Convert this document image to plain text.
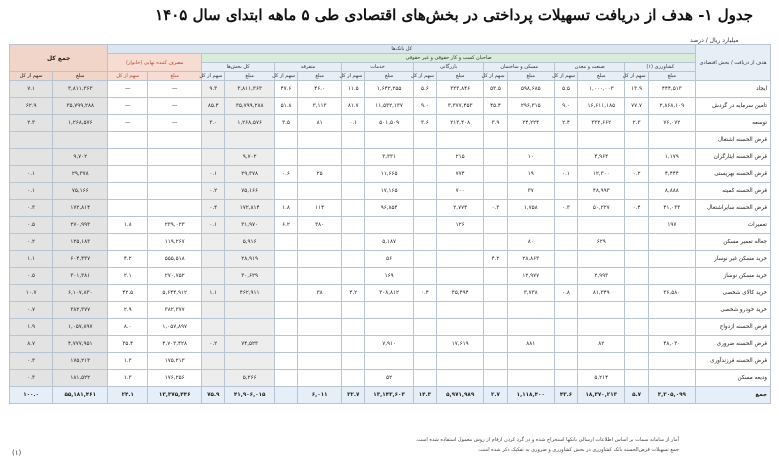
جدول ۱- هدف از دریافت تسهیلات پرداختی در بخش‌های اقتصادی طی ۵ ماهه ابتدای سال ۱۴۰۵
میلیارد ریال / درصد
هدف از دریافت / بخش اقتصادی	کل بانک‌ها																جمع کل	
	صاحبان کسب و کار حقوقی و غیر حقوقی														مصرف کننده نهایی (خانوار)			
	کشاورزی (۱)		صنعت و معدن		مسکن و ساختمان		بازرگانی		خدمات		متفرقه		کل بخش‌ها					
	مبلغ	سهم از کل	مبلغ	سهم از کل	مبلغ	سهم از کل	مبلغ	سهم از کل	مبلغ	سهم از کل	مبلغ	سهم از کل	مبلغ	سهم از کل	مبلغ	سهم از کل	مبلغ	سهم از کل
ایجاد	۴۴۴,۵۱۳	۱۳.۹	۱,۰۰۰,۰۰۳	۵.۵	۵۹۸,۶۸۵	۵۳.۵	۳۲۳,۸۴۶	۵.۶	۱,۶۴۲,۲۵۵	۱۱.۵	۴۶.۰	۴۷.۶	۳,۸۱۱,۳۶۳	۹.۳	—	—	۳,۸۱۱,۳۶۳	۷.۱
تامین سرمایه در گردش	۲,۸۶۸,۱۰۹	۷۷.۷	۱۶,۶۱۱,۱۸۵	۹.۰	۲۹۶,۳۱۵	۴۵.۴	۳,۳۷۷,۴۵۳	۹.۰	۱۱,۵۳۲,۱۳۷	۸۱.۷	۳,۱۱۳	۵۱.۸	۳۵,۷۹۹,۲۸۸	۸۵.۴	—	—	۳۵,۷۹۹,۲۸۸	۶۲.۹
توسعه	۷۶,۰۷۲	۲.۳	۳۳۲,۶۶۲	۲.۴	۲۴,۲۲۴	۳.۹	۲۱۳,۴۰۸	۳.۶	۵۰۱,۵۰۹	۰.۱	۸۱	۳.۵	۱,۲۶۸,۵۷۶	۳.۰	—	—	۱,۲۶۸,۵۷۶	۲.۳
قرض الحسنه اشتغال																		
قرض الحسنه ایثارگران	۱,۱۷۹		۴,۹۶۴		۱۰		۲۱۵		۳,۳۳۱				۹,۷۰۲				۹,۷۰۲	
قرض الحسنه بهزیستی	۴,۴۴۴	۰.۲	۱۲,۳۰۰	۰.۱	۱۹		۷۷۴		۱۱,۶۶۵		۲۵	۰.۶	۲۹,۳۷۸	۰.۱			۲۹,۳۷۸	۰.۱
قرض الحسنه کمیته	۸,۸۸۸		۴۸,۹۹۳		۳۷		۷۰۰		۱۷,۱۶۵				۷۵,۱۶۶	۰.۲			۷۵,۱۶۶	۰.۱
قرض الحسنه سایراشتغال	۴۱,۰۳۳	۰.۴	۵۰,۳۲۷	۰.۳	۱,۷۵۸	۰.۳	۲,۷۷۴		۹۶,۸۵۴		۱۱۴	۱.۸	۱۷۲,۸۱۴	۰.۴			۱۷۲,۸۱۴	۰.۳
تعمیرات	۱۹۷						۱۲۶				۳۸۰	۶.۲	۳۱,۹۷۰	۰.۱	۲۳۹,۰۲۳	۱.۸	۲۷۰,۹۹۳	۰.۵
جعاله تعمیر مسکن			۶۲۹		۸۰				۵,۱۸۷				۵,۹۱۶		۱۱۹,۲۶۷		۱۲۵,۱۸۳	۰.۲
خرید مسکن غیر نوساز					۲۸,۸۶۳	۴.۲			۵۶				۲۸,۹۱۹		۵۵۵,۵۱۸	۴.۲	۶۰۴,۴۳۷	۱.۱
خرید مسکن نوساز			۲,۹۹۳		۱۲,۹۷۷				۱۶۹				۳۰,۶۲۹		۲۷۰,۷۵۲	۲.۱	۳۰۱,۳۸۱	۰.۵
خرید کالای شخصی	۳۶,۵۸۰		۸۱,۳۴۹	۰.۸	۳,۷۳۸		۴۵,۴۹۴	۰.۴	۳۰۸,۸۱۲	۴.۲	۳۸		۴۶۲,۹۱۱	۱.۱	۵,۶۴۴,۹۱۲	۴۲.۵	۶,۱۰۷,۸۳۰	۱۰.۷
خرید خودرو شخصی															۳۸۲,۳۷۷	۲.۹	۳۸۲,۳۷۷	۰.۷
قرض الحسنه ازدواج															۱,۰۵۷,۸۹۷	۸.۰	۱,۰۵۷,۸۹۷	۱.۹
قرض الحسنه ضروری	۴۸,۰۳۰		۸۲		۸۸۱		۱۷,۶۱۹		۷,۹۱۰				۷۴,۵۲۳	۰.۲	۴,۷۰۳,۴۲۸	۳۵.۴	۴,۷۷۷,۹۵۱	۸.۷
قرض الحسنه فرزندآوری															۱۷۵,۲۱۳	۱.۳	۱۷۵,۲۱۳	۰.۳
ودیعه مسکن			۵,۲۱۴						۵۲				۵,۲۶۶		۱۷۶,۲۵۶	۱.۳	۱۸۱,۵۲۲	۰.۳
جمع	۳,۳۰۵,۰۹۹	۵.۷	۱۸,۳۷۰,۲۱۳	۴۳.۶	۱,۱۱۸,۴۰۰	۲.۷	۵,۹۷۱,۹۸۹	۱۴.۳	۱۳,۱۴۳,۶۰۳	۳۲.۷	۶,۰۱۱		۴۱,۹۰۶,۰۱۵	۷۵.۹	۱۳,۳۷۵,۴۴۶	۲۴.۱	۵۵,۱۸۱,۴۶۱	۱۰۰.۰
آمار از سامانه سمات بر اساس اطلاعات ارسالی بانکها استخراج شده و در گرد کردن ارقام از روش معمول استفاده شده است.
جمع تسهیلات قرض‌الحسنه بانک کشاورزی در بخش کشاورزی و ضروری به تفکیک ذکر شده است.
(۱)
